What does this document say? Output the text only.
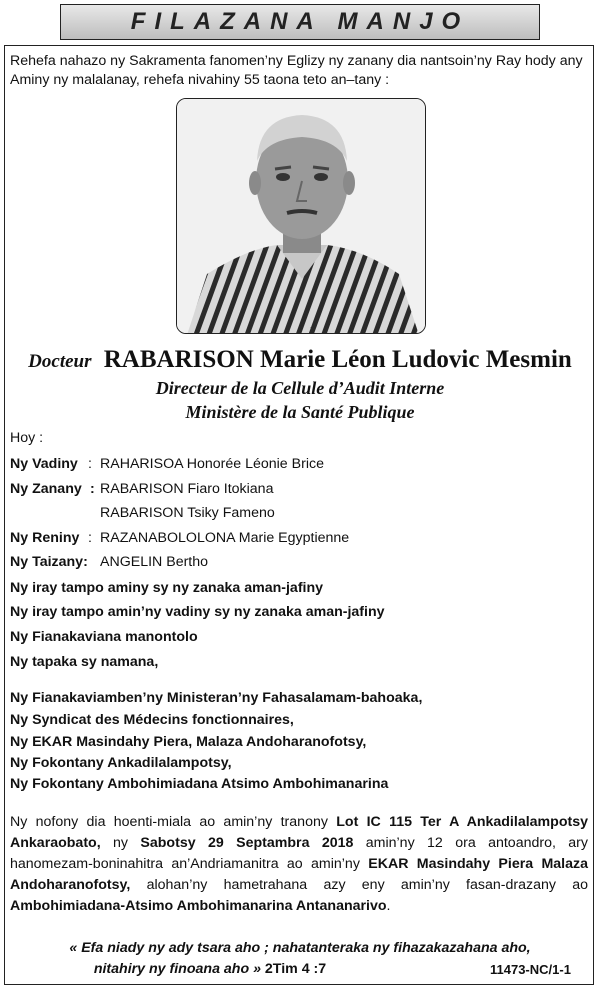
FILAZANA MANJO
Rehefa nahazo ny Sakramenta fanomen’ny Eglizy ny zanany dia nantsoin’ny Ray hody any Aminy ny malalanay, rehefa nivahiny 55 taona teto an–tany :
Docteur RABARISON Marie Léon Ludovic Mesmin
Directeur de la Cellule d’Audit Interne
Ministère de la Santé Publique
Hoy :
Ny Vadiny : RAHARISOA Honorée Léonie Brice
Ny Zanany : RABARISON Fiaro Itokiana
RABARISON Tsiky Fameno
Ny Reniny : RAZANABOLOLONA Marie Egyptienne
Ny Taizany: ANGELIN Bertho
Ny iray tampo aminy sy ny zanaka aman-jafiny
Ny iray tampo amin’ny vadiny sy ny zanaka aman-jafiny
Ny Fianakaviana manontolo
Ny tapaka sy namana,
Ny Fianakaviamben’ny Ministeran’ny Fahasalamam-bahoaka,
Ny Syndicat des Médecins fonctionnaires,
Ny EKAR Masindahy Piera, Malaza Andoharanofotsy,
Ny Fokontany Ankadilalampotsy,
Ny Fokontany Ambohimiadana Atsimo Ambohimanarina
Ny nofony dia hoenti-miala ao amin’ny tranony Lot IC 115 Ter A Ankadilalampotsy Ankaraobato, ny Sabotsy 29 Septambra 2018 amin’ny 12 ora antoandro, ary hanomezam-boninahitra an’Andriamanitra ao amin’ny EKAR Masindahy Piera Malaza Andoharanofotsy, alohan’ny hametrahana azy eny amin’ny fasan-drazany ao Ambohimiadana-Atsimo Ambohimanarina Antananarivo.
« Efa niady ny ady tsara aho ; nahatanteraka ny fihazakazahana aho,
nitahiry ny finoana aho » 2Tim 4 :7	11473-NC/1-1
